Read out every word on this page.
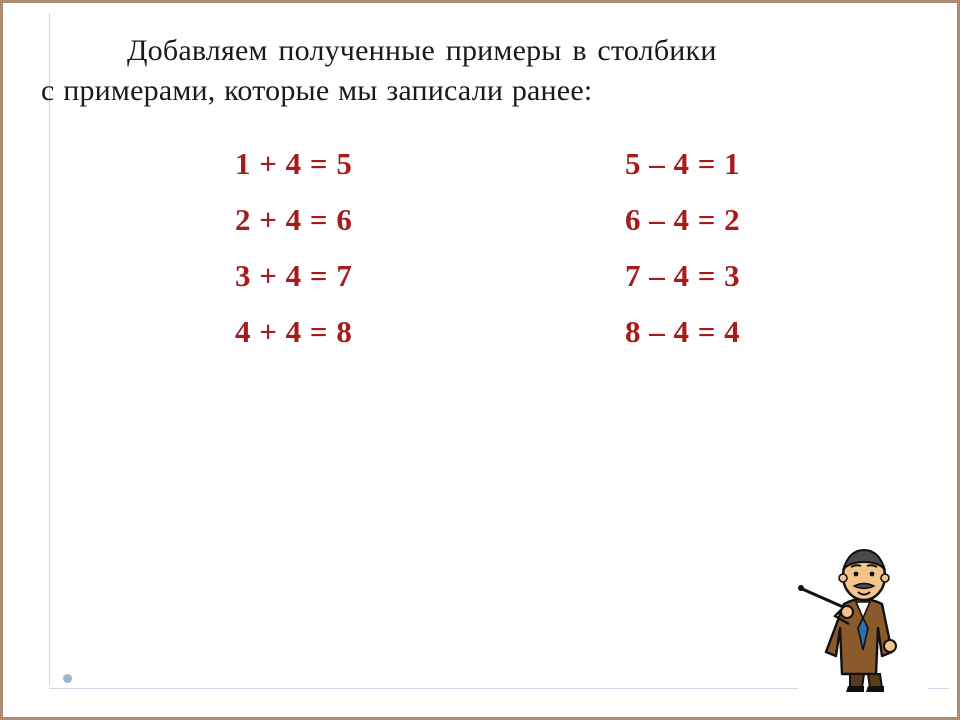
Добавляем полученные примеры в столбики
с примерами, которые мы записали ранее:
1 + 4 = 5
2 + 4 = 6
3 + 4 = 7
4 + 4 = 8
5 – 4 = 1
6 – 4 = 2
7 – 4 = 3
8 – 4 = 4
